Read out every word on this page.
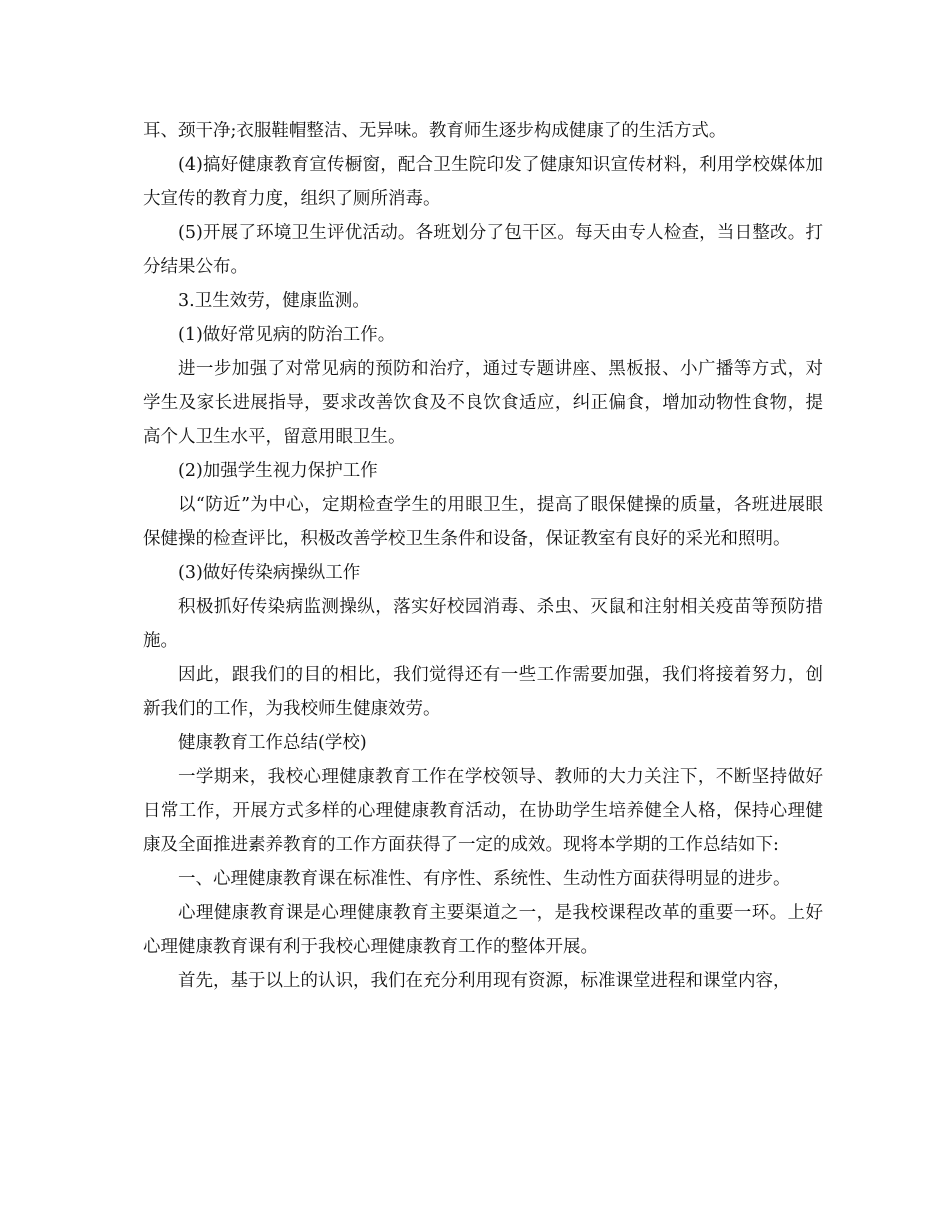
耳、颈干净;衣服鞋帽整洁、无异味。教育师生逐步构成健康了的生活方式。

(4)搞好健康教育宣传橱窗，配合卫生院印发了健康知识宣传材料，利用学校媒体加大宣传的教育力度，组织了厕所消毒。

(5)开展了环境卫生评优活动。各班划分了包干区。每天由专人检查，当日整改。打分结果公布。

3.卫生效劳，健康监测。

(1)做好常见病的防治工作。

进一步加强了对常见病的预防和治疗，通过专题讲座、黑板报、小广播等方式，对学生及家长进展指导，要求改善饮食及不良饮食适应，纠正偏食，增加动物性食物，提高个人卫生水平，留意用眼卫生。

(2)加强学生视力保护工作

以“防近”为中心，定期检查学生的用眼卫生，提高了眼保健操的质量，各班进展眼保健操的检查评比，积极改善学校卫生条件和设备，保证教室有良好的采光和照明。

(3)做好传染病操纵工作

积极抓好传染病监测操纵，落实好校园消毒、杀虫、灭鼠和注射相关疫苗等预防措施。

因此，跟我们的目的相比，我们觉得还有一些工作需要加强，我们将接着努力，创新我们的工作，为我校师生健康效劳。

健康教育工作总结(学校)

一学期来，我校心理健康教育工作在学校领导、教师的大力关注下，不断坚持做好日常工作，开展方式多样的心理健康教育活动，在协助学生培养健全人格，保持心理健康及全面推进素养教育的工作方面获得了一定的成效。现将本学期的工作总结如下:

一、心理健康教育课在标准性、有序性、系统性、生动性方面获得明显的进步。

心理健康教育课是心理健康教育主要渠道之一，是我校课程改革的重要一环。上好心理健康教育课有利于我校心理健康教育工作的整体开展。

首先，基于以上的认识，我们在充分利用现有资源，标准课堂进程和课堂内容，
